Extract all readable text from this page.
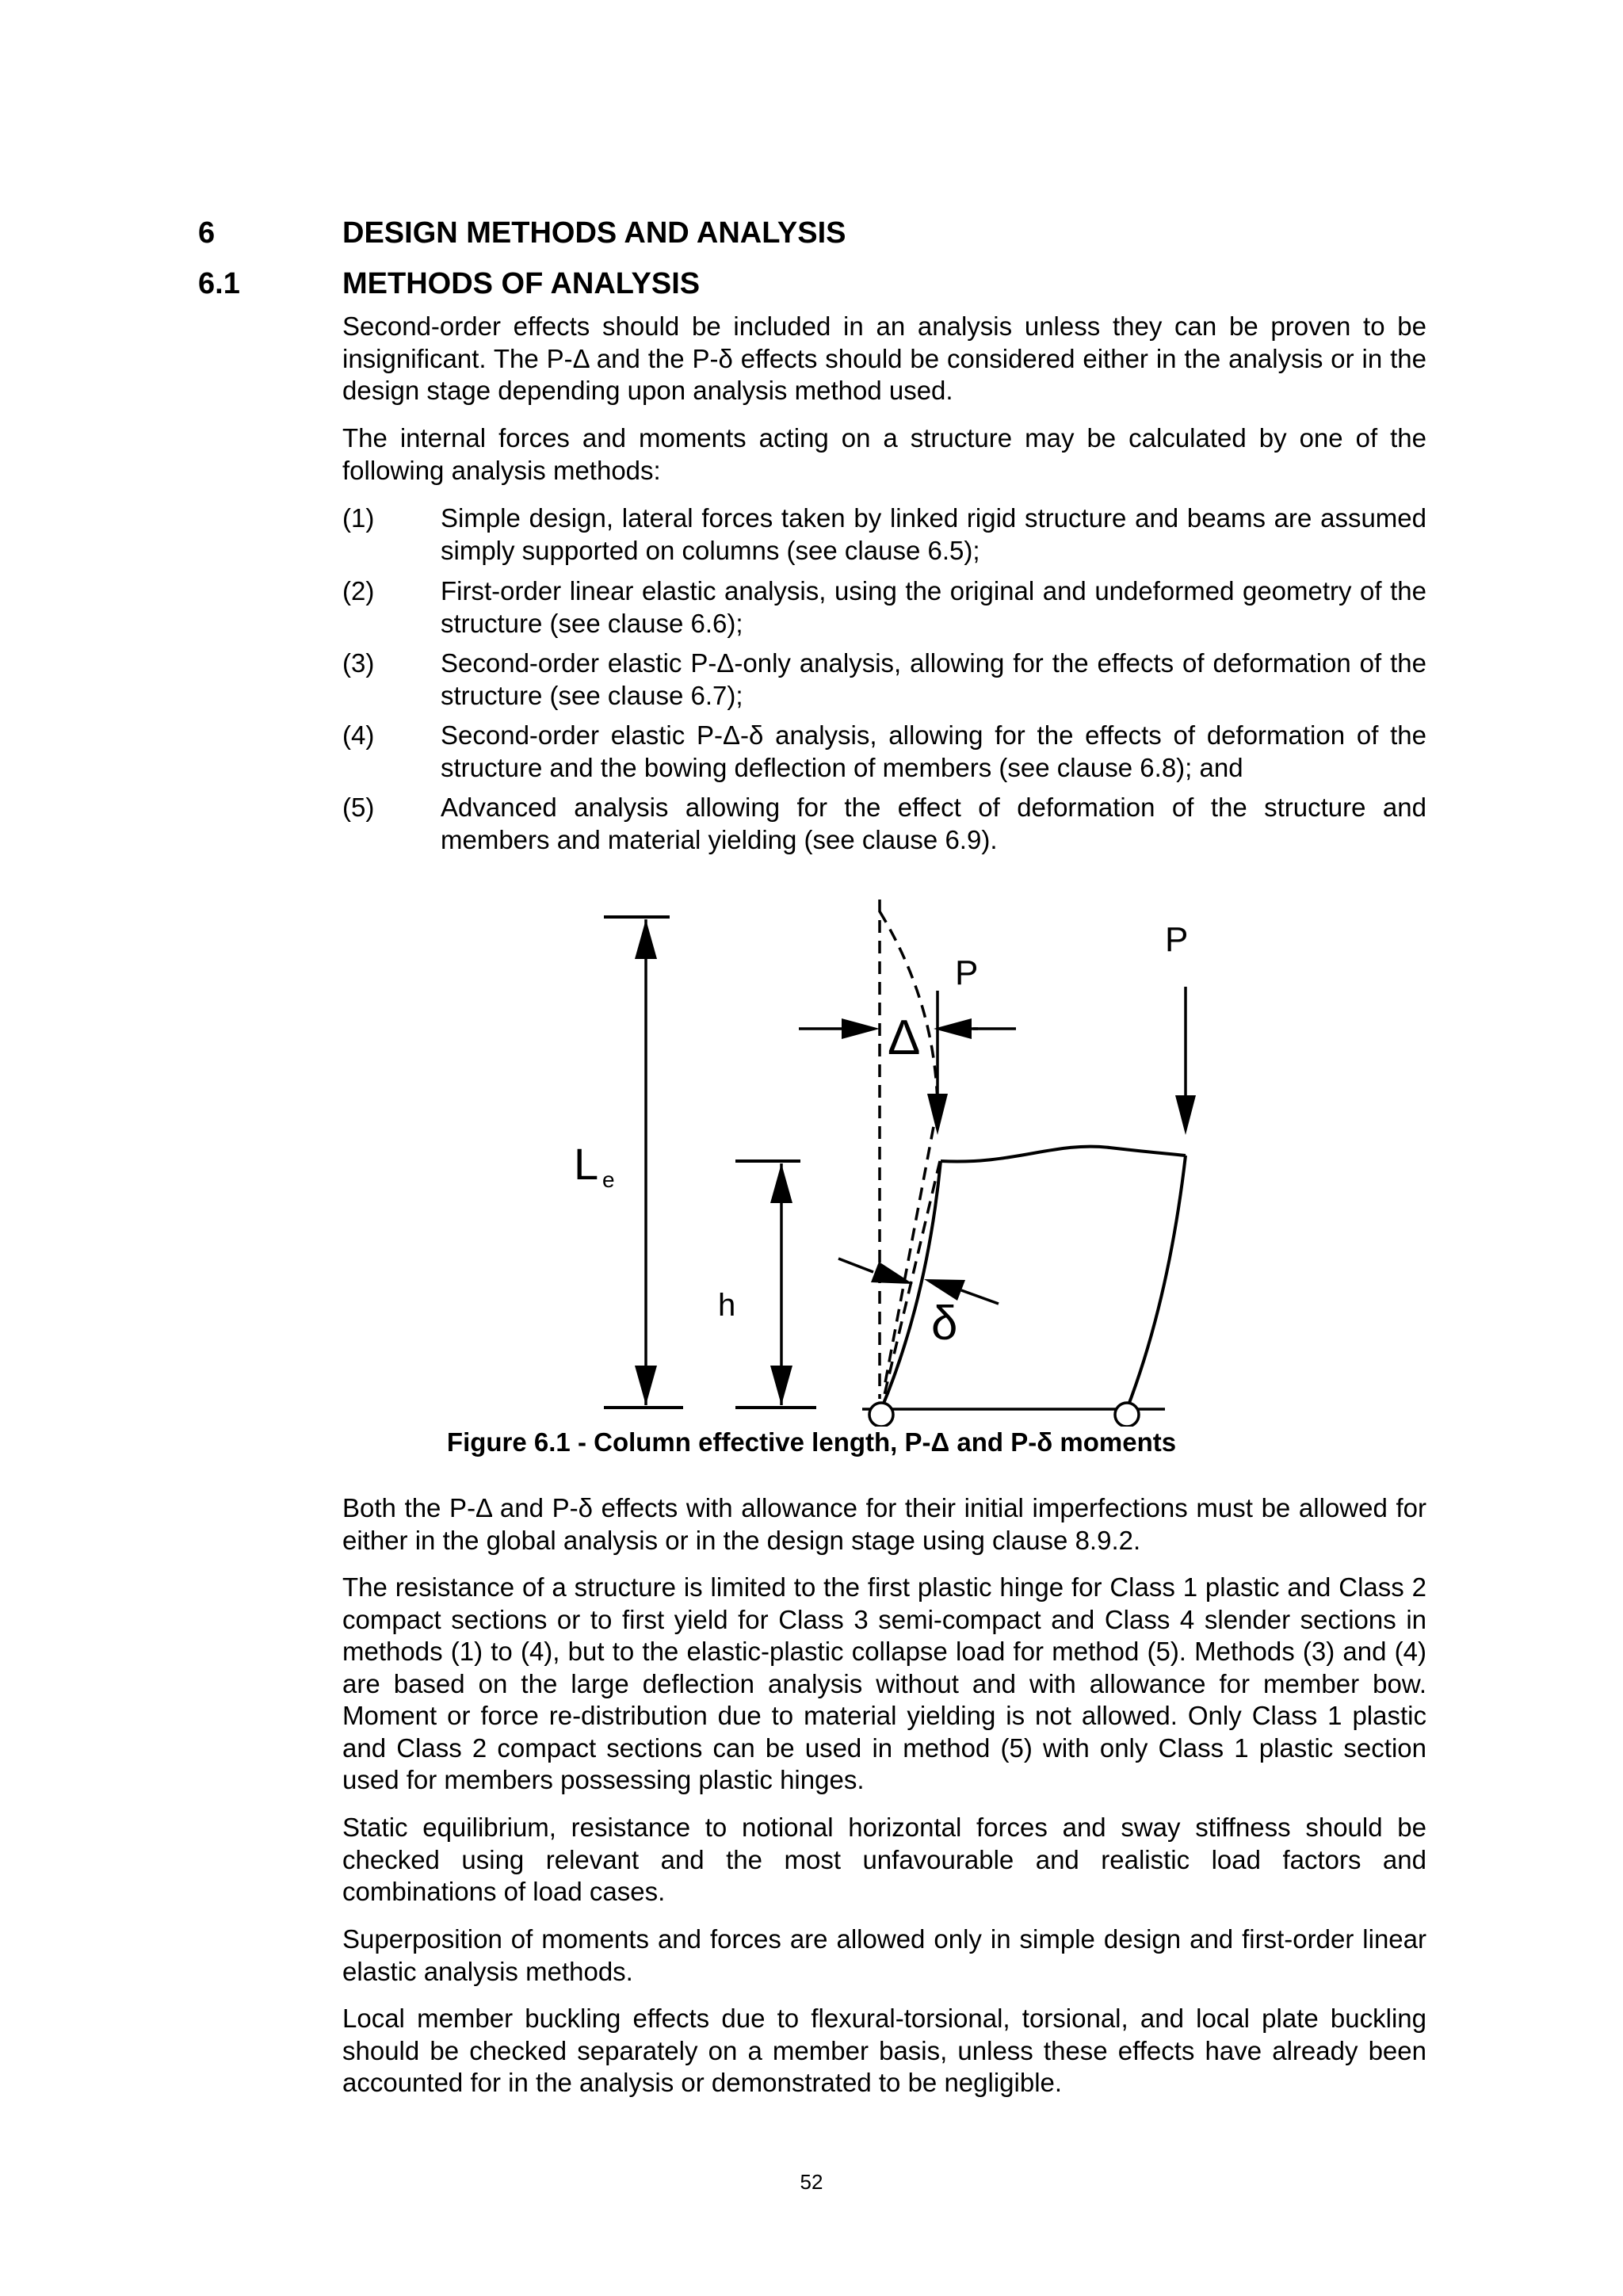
6	DESIGN METHODS AND ANALYSIS
6.1	METHODS OF ANALYSIS

Second-order effects should be included in an analysis unless they can be proven to be insignificant. The P-Δ and the P-δ effects should be considered either in the analysis or in the design stage depending upon analysis method used.

The internal forces and moments acting on a structure may be calculated by one of the following analysis methods:

(1)	Simple design, lateral forces taken by linked rigid structure and beams are assumed simply supported on columns (see clause 6.5);
(2)	First-order linear elastic analysis, using the original and undeformed geometry of the structure (see clause 6.6);
(3)	Second-order elastic P-Δ-only analysis, allowing for the effects of deformation of the structure (see clause 6.7);
(4)	Second-order elastic P-Δ-δ analysis, allowing for the effects of deformation of the structure and the bowing deflection of members (see clause 6.8); and
(5)	Advanced analysis allowing for the effect of deformation of the structure and members and material yielding (see clause 6.9).
L e
h
P
P
Δ
δ
Figure 6.1 - Column effective length, P-Δ and P-δ moments

Both the P-Δ and P-δ effects with allowance for their initial imperfections must be allowed for either in the global analysis or in the design stage using clause 8.9.2.

The resistance of a structure is limited to the first plastic hinge for Class 1 plastic and Class 2 compact sections or to first yield for Class 3 semi-compact and Class 4 slender sections in methods (1) to (4), but to the elastic-plastic collapse load for method (5). Methods (3) and (4) are based on the large deflection analysis without and with allowance for member bow. Moment or force re-distribution due to material yielding is not allowed. Only Class 1 plastic and Class 2 compact sections can be used in method (5) with only Class 1 plastic section used for members possessing plastic hinges.

Static equilibrium, resistance to notional horizontal forces and sway stiffness should be checked using relevant and the most unfavourable and realistic load factors and combinations of load cases.

Superposition of moments and forces are allowed only in simple design and first-order linear elastic analysis methods.

Local member buckling effects due to flexural-torsional, torsional, and local plate buckling should be checked separately on a member basis, unless these effects have already been accounted for in the analysis or demonstrated to be negligible.

52
